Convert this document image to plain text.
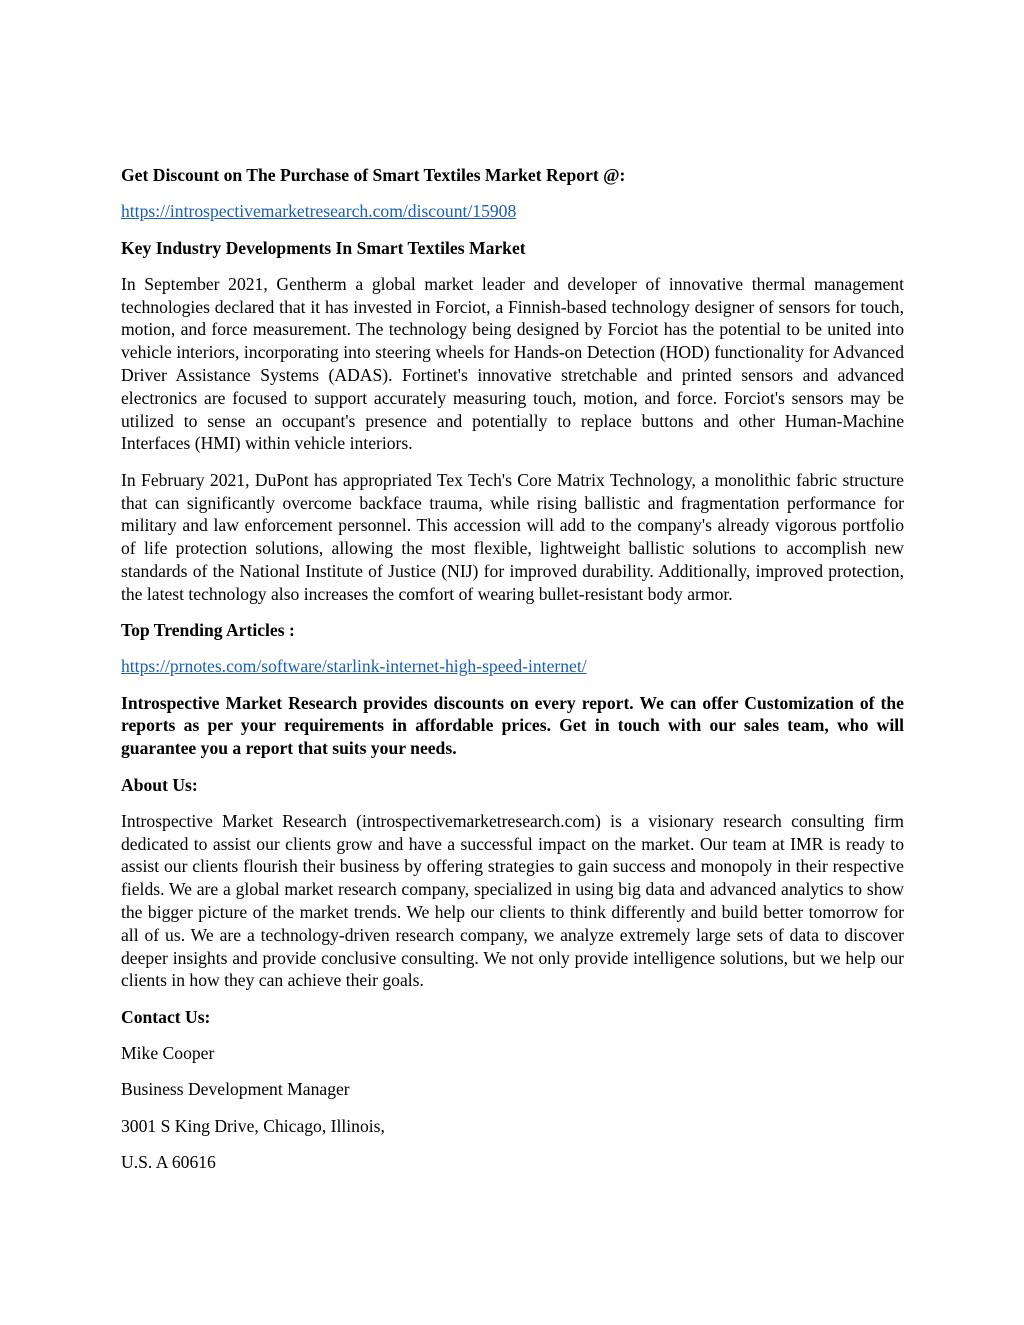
Get Discount on The Purchase of Smart Textiles Market Report @:

https://introspectivemarketresearch.com/discount/15908

Key Industry Developments In Smart Textiles Market

In September 2021, Gentherm a global market leader and developer of innovative thermal management technologies declared that it has invested in Forciot, a Finnish-based technology designer of sensors for touch, motion, and force measurement. The technology being designed by Forciot has the potential to be united into vehicle interiors, incorporating into steering wheels for Hands-on Detection (HOD) functionality for Advanced Driver Assistance Systems (ADAS). Fortinet's innovative stretchable and printed sensors and advanced electronics are focused to support accurately measuring touch, motion, and force. Forciot's sensors may be utilized to sense an occupant's presence and potentially to replace buttons and other Human-Machine Interfaces (HMI) within vehicle interiors.

In February 2021, DuPont has appropriated Tex Tech's Core Matrix Technology, a monolithic fabric structure that can significantly overcome backface trauma, while rising ballistic and fragmentation performance for military and law enforcement personnel. This accession will add to the company's already vigorous portfolio of life protection solutions, allowing the most flexible, lightweight ballistic solutions to accomplish new standards of the National Institute of Justice (NIJ) for improved durability. Additionally, improved protection, the latest technology also increases the comfort of wearing bullet-resistant body armor.

Top Trending Articles :

https://prnotes.com/software/starlink-internet-high-speed-internet/

Introspective Market Research provides discounts on every report. We can offer Customization of the reports as per your requirements in affordable prices. Get in touch with our sales team, who will guarantee you a report that suits your needs.

About Us:

Introspective Market Research (introspectivemarketresearch.com) is a visionary research consulting firm dedicated to assist our clients grow and have a successful impact on the market. Our team at IMR is ready to assist our clients flourish their business by offering strategies to gain success and monopoly in their respective fields. We are a global market research company, specialized in using big data and advanced analytics to show the bigger picture of the market trends. We help our clients to think differently and build better tomorrow for all of us. We are a technology-driven research company, we analyze extremely large sets of data to discover deeper insights and provide conclusive consulting. We not only provide intelligence solutions, but we help our clients in how they can achieve their goals.

Contact Us:

Mike Cooper

Business Development Manager

3001 S King Drive, Chicago, Illinois,

U.S. A 60616
